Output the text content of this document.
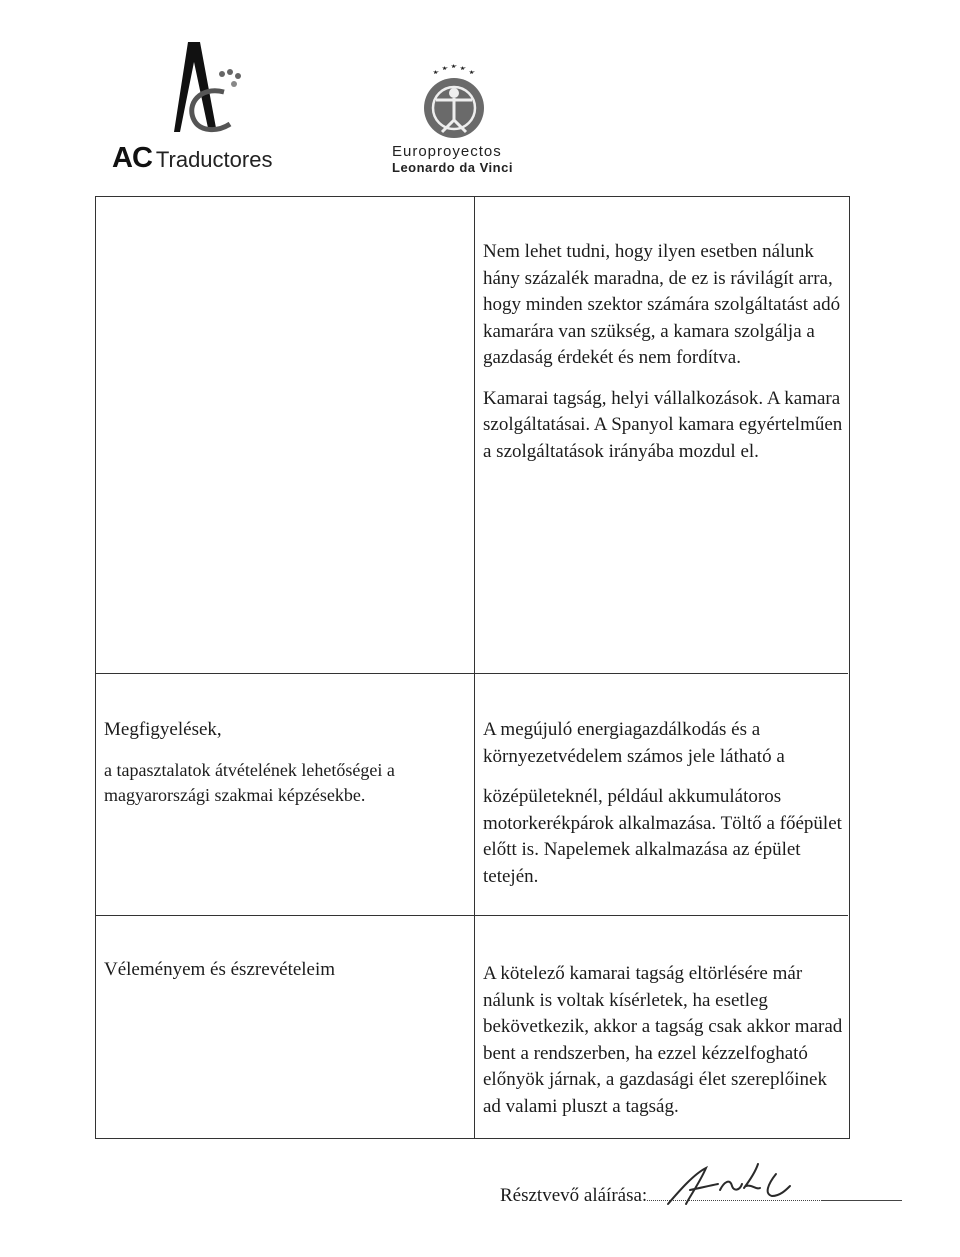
AC Traductores	Europroyectos
Leonardo da Vinci

Nem lehet tudni, hogy ilyen esetben nálunk hány százalék maradna, de ez is rávilágít arra, hogy minden szektor számára szolgáltatást adó kamarára van szükség, a kamara szolgálja a gazdaság érdekét és nem fordítva.

Kamarai tagság, helyi vállalkozások. A kamara szolgáltatásai. A Spanyol kamara egyértelműen a szolgáltatások irányába mozdul el.

Megfigyelések,
a tapasztalatok átvételének lehetőségei a magyarországi szakmai képzésekbe.
A megújuló energiagazdálkodás és a környezetvédelem számos jele látható a
középületeknél, például akkumulátoros motorkerékpárok alkalmazása. Töltő a főépület előtt is. Napelemek alkalmazása az épület tetején.
Véleményem és észrevételeim	A kötelező kamarai tagság eltörlésére már nálunk is voltak kísérletek, ha esetleg bekövetkezik, akkor a tagság csak akkor marad bent a rendszerben, ha ezzel kézzelfogható előnyök járnak, a gazdasági élet szereplőinek ad valami pluszt a tagság.
Résztvevő aláírása:
